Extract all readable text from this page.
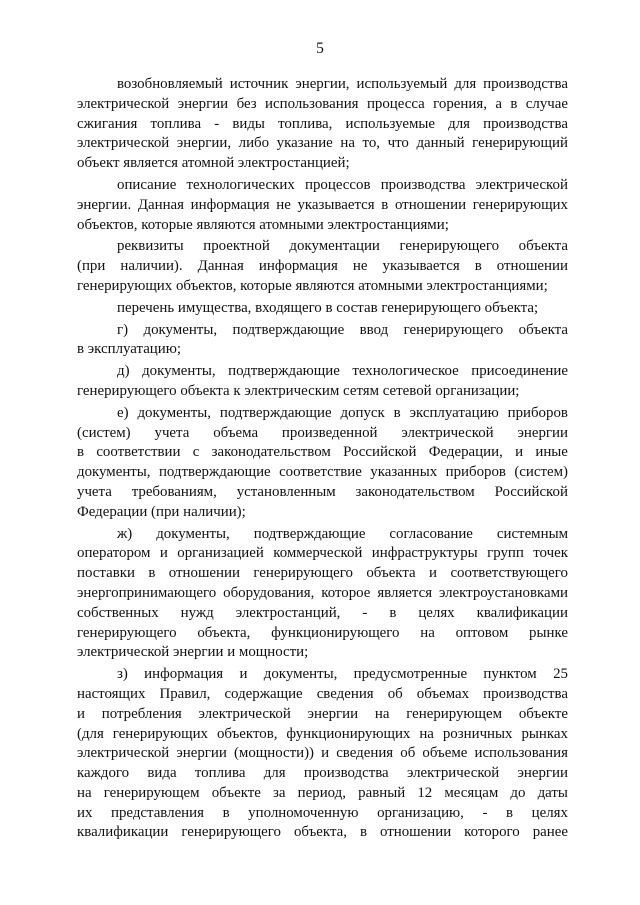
5
возобновляемый источник энергии, используемый для производства
электрической энергии без использования процесса горения, а в случае
сжигания топлива - виды топлива, используемые для производства
электрической энергии, либо указание на то, что данный генерирующий
объект является атомной электростанцией;
описание технологических процессов производства электрической
энергии. Данная информация не указывается в отношении генерирующих
объектов, которые являются атомными электростанциями;
реквизиты проектной документации генерирующего объекта
(при наличии). Данная информация не указывается в отношении
генерирующих объектов, которые являются атомными электростанциями;
перечень имущества, входящего в состав генерирующего объекта;
г) документы, подтверждающие ввод генерирующего объекта
в эксплуатацию;
д) документы, подтверждающие технологическое присоединение
генерирующего объекта к электрическим сетям сетевой организации;
е) документы, подтверждающие допуск в эксплуатацию приборов
(систем) учета объема произведенной электрической энергии
в соответствии с законодательством Российской Федерации, и иные
документы, подтверждающие соответствие указанных приборов (систем)
учета требованиям, установленным законодательством Российской
Федерации (при наличии);
ж) документы, подтверждающие согласование системным
оператором и организацией коммерческой инфраструктуры групп точек
поставки в отношении генерирующего объекта и соответствующего
энергопринимающего оборудования, которое является электроустановками
собственных нужд электростанций, - в целях квалификации
генерирующего объекта, функционирующего на оптовом рынке
электрической энергии и мощности;
з) информация и документы, предусмотренные пунктом 25
настоящих Правил, содержащие сведения об объемах производства
и потребления электрической энергии на генерирующем объекте
(для генерирующих объектов, функционирующих на розничных рынках
электрической энергии (мощности)) и сведения об объеме использования
каждого вида топлива для производства электрической энергии
на генерирующем объекте за период, равный 12 месяцам до даты
их представления в уполномоченную организацию, - в целях
квалификации генерирующего объекта, в отношении которого ранее
